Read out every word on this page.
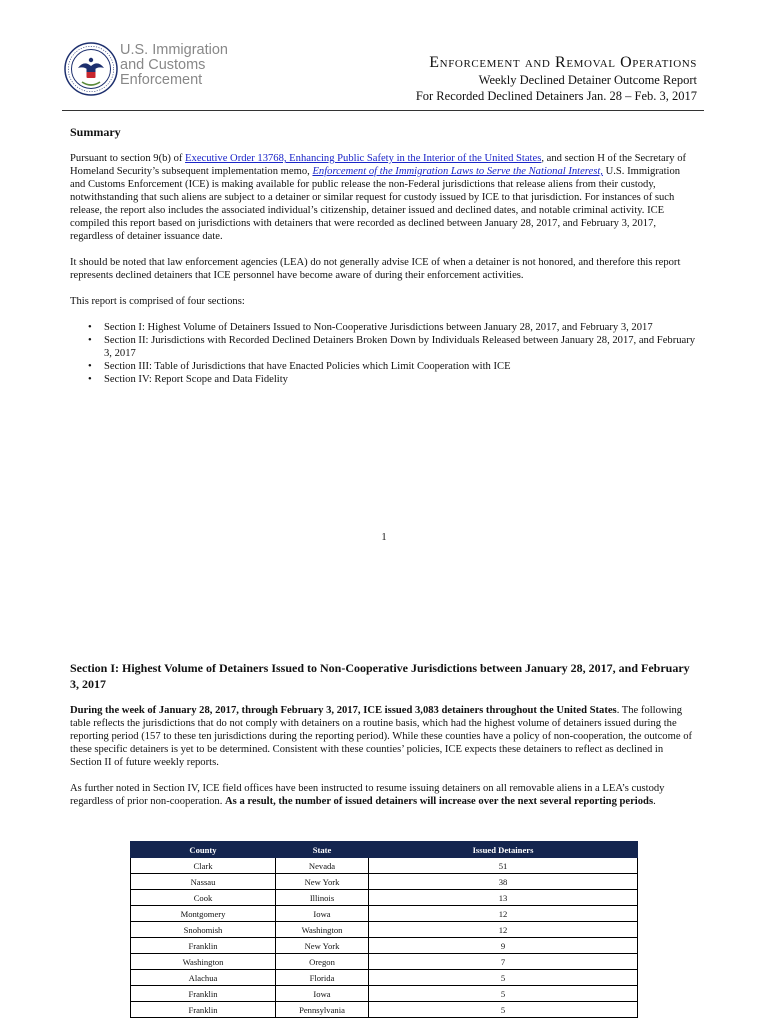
U.S. Immigration
and Customs
Enforcement
Enforcement and Removal Operations
Weekly Declined Detainer Outcome Report
For Recorded Declined Detainers Jan. 28 – Feb. 3, 2017
Summary

Pursuant to section 9(b) of Executive Order 13768, Enhancing Public Safety in the Interior of the United States, and section H of the Secretary of Homeland Security’s subsequent implementation memo, Enforcement of the Immigration Laws to Serve the National Interest, U.S. Immigration and Customs Enforcement (ICE) is making available for public release the non-Federal jurisdictions that release aliens from their custody, notwithstanding that such aliens are subject to a detainer or similar request for custody issued by ICE to that jurisdiction. For instances of such release, the report also includes the associated individual’s citizenship, detainer issued and declined dates, and notable criminal activity. ICE compiled this report based on jurisdictions with detainers that were recorded as declined between January 28, 2017, and February 3, 2017, regardless of detainer issuance date.

It should be noted that law enforcement agencies (LEA) do not generally advise ICE of when a detainer is not honored, and therefore this report represents declined detainers that ICE personnel have become aware of during their enforcement activities.

This report is comprised of four sections:

• Section I: Highest Volume of Detainers Issued to Non-Cooperative Jurisdictions between January 28, 2017, and February 3, 2017
• Section II: Jurisdictions with Recorded Declined Detainers Broken Down by Individuals Released between January 28, 2017, and February 3, 2017
• Section III: Table of Jurisdictions that have Enacted Policies which Limit Cooperation with ICE
• Section IV: Report Scope and Data Fidelity
1
Section I: Highest Volume of Detainers Issued to Non-Cooperative Jurisdictions between January 28, 2017, and February 3, 2017

During the week of January 28, 2017, through February 3, 2017, ICE issued 3,083 detainers throughout the United States. The following table reflects the jurisdictions that do not comply with detainers on a routine basis, which had the highest volume of detainers issued during the reporting period (157 to these ten jurisdictions during the reporting period). While these counties have a policy of non-cooperation, the outcome of these specific detainers is yet to be determined. Consistent with these counties’ policies, ICE expects these detainers to reflect as declined in Section II of future weekly reports.

As further noted in Section IV, ICE field offices have been instructed to resume issuing detainers on all removable aliens in a LEA’s custody regardless of prior non-cooperation. As a result, the number of issued detainers will increase over the next several reporting periods.

County	State	Issued Detainers
Clark	Nevada	51
Nassau	New York	38
Cook	Illinois	13
Montgomery	Iowa	12
Snohomish	Washington	12
Franklin	New York	9
Washington	Oregon	7
Alachua	Florida	5
Franklin	Iowa	5
Franklin	Pennsylvania	5
